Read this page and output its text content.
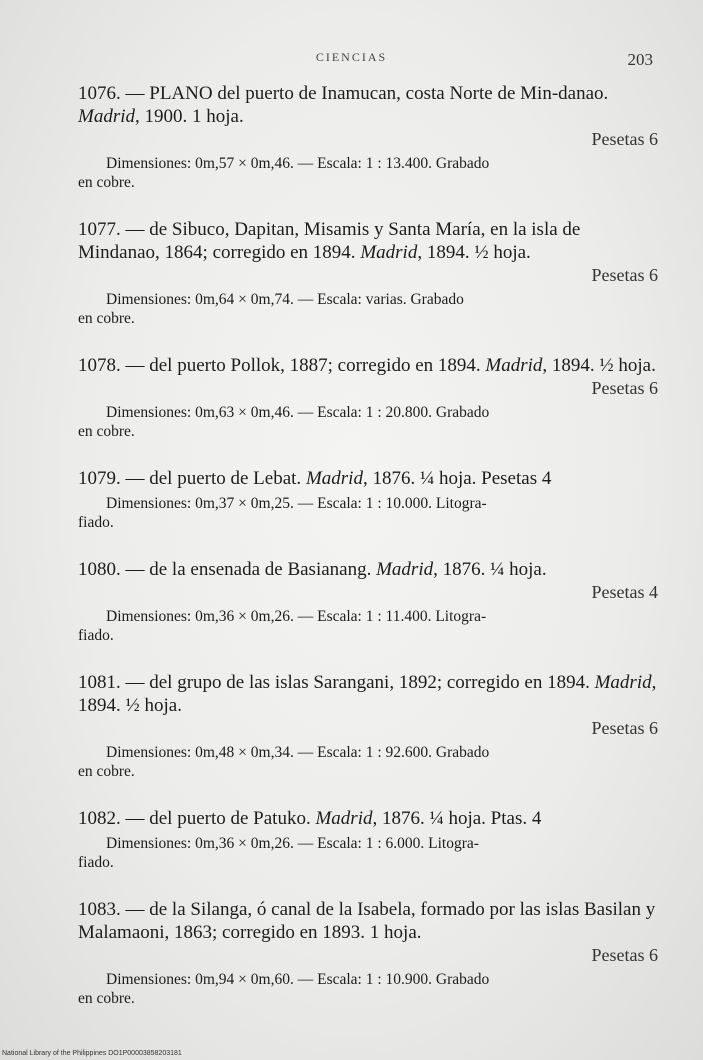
CIENCIAS	203
1076. — PLANO del puerto de Inamucan, costa Norte de Min-danao. Madrid, 1900. 1 hoja.
Pesetas 6
Dimensiones: 0m,57 × 0m,46. — Escala: 1 : 13.400. Grabado
en cobre.
1077. — de Sibuco, Dapitan, Misamis y Santa María, en la isla de Mindanao, 1864; corregido en 1894. Madrid, 1894. ½ hoja.
Pesetas 6
Dimensiones: 0m,64 × 0m,74. — Escala: varias. Grabado
en cobre.
1078. — del puerto Pollok, 1887; corregido en 1894. Madrid, 1894. ½ hoja.
Pesetas 6
Dimensiones: 0m,63 × 0m,46. — Escala: 1 : 20.800. Grabado
en cobre.
1079. — del puerto de Lebat. Madrid, 1876. ¼ hoja. Pesetas 4
Dimensiones: 0m,37 × 0m,25. — Escala: 1 : 10.000. Litogra-
fiado.
1080. — de la ensenada de Basianang. Madrid, 1876. ¼ hoja.
Pesetas 4
Dimensiones: 0m,36 × 0m,26. — Escala: 1 : 11.400. Litogra-
fiado.
1081. — del grupo de las islas Sarangani, 1892; corregido en 1894. Madrid, 1894. ½ hoja.
Pesetas 6
Dimensiones: 0m,48 × 0m,34. — Escala: 1 : 92.600. Grabado
en cobre.
1082. — del puerto de Patuko. Madrid, 1876. ¼ hoja. Ptas. 4
Dimensiones: 0m,36 × 0m,26. — Escala: 1 : 6.000. Litogra-
fiado.
1083. — de la Silanga, ó canal de la Isabela, formado por las islas Basilan y Malamaoni, 1863; corregido en 1893. 1 hoja.
Pesetas 6
Dimensiones: 0m,94 × 0m,60. — Escala: 1 : 10.900. Grabado
en cobre.
National Library of the Philippines DO1P00003858203181
